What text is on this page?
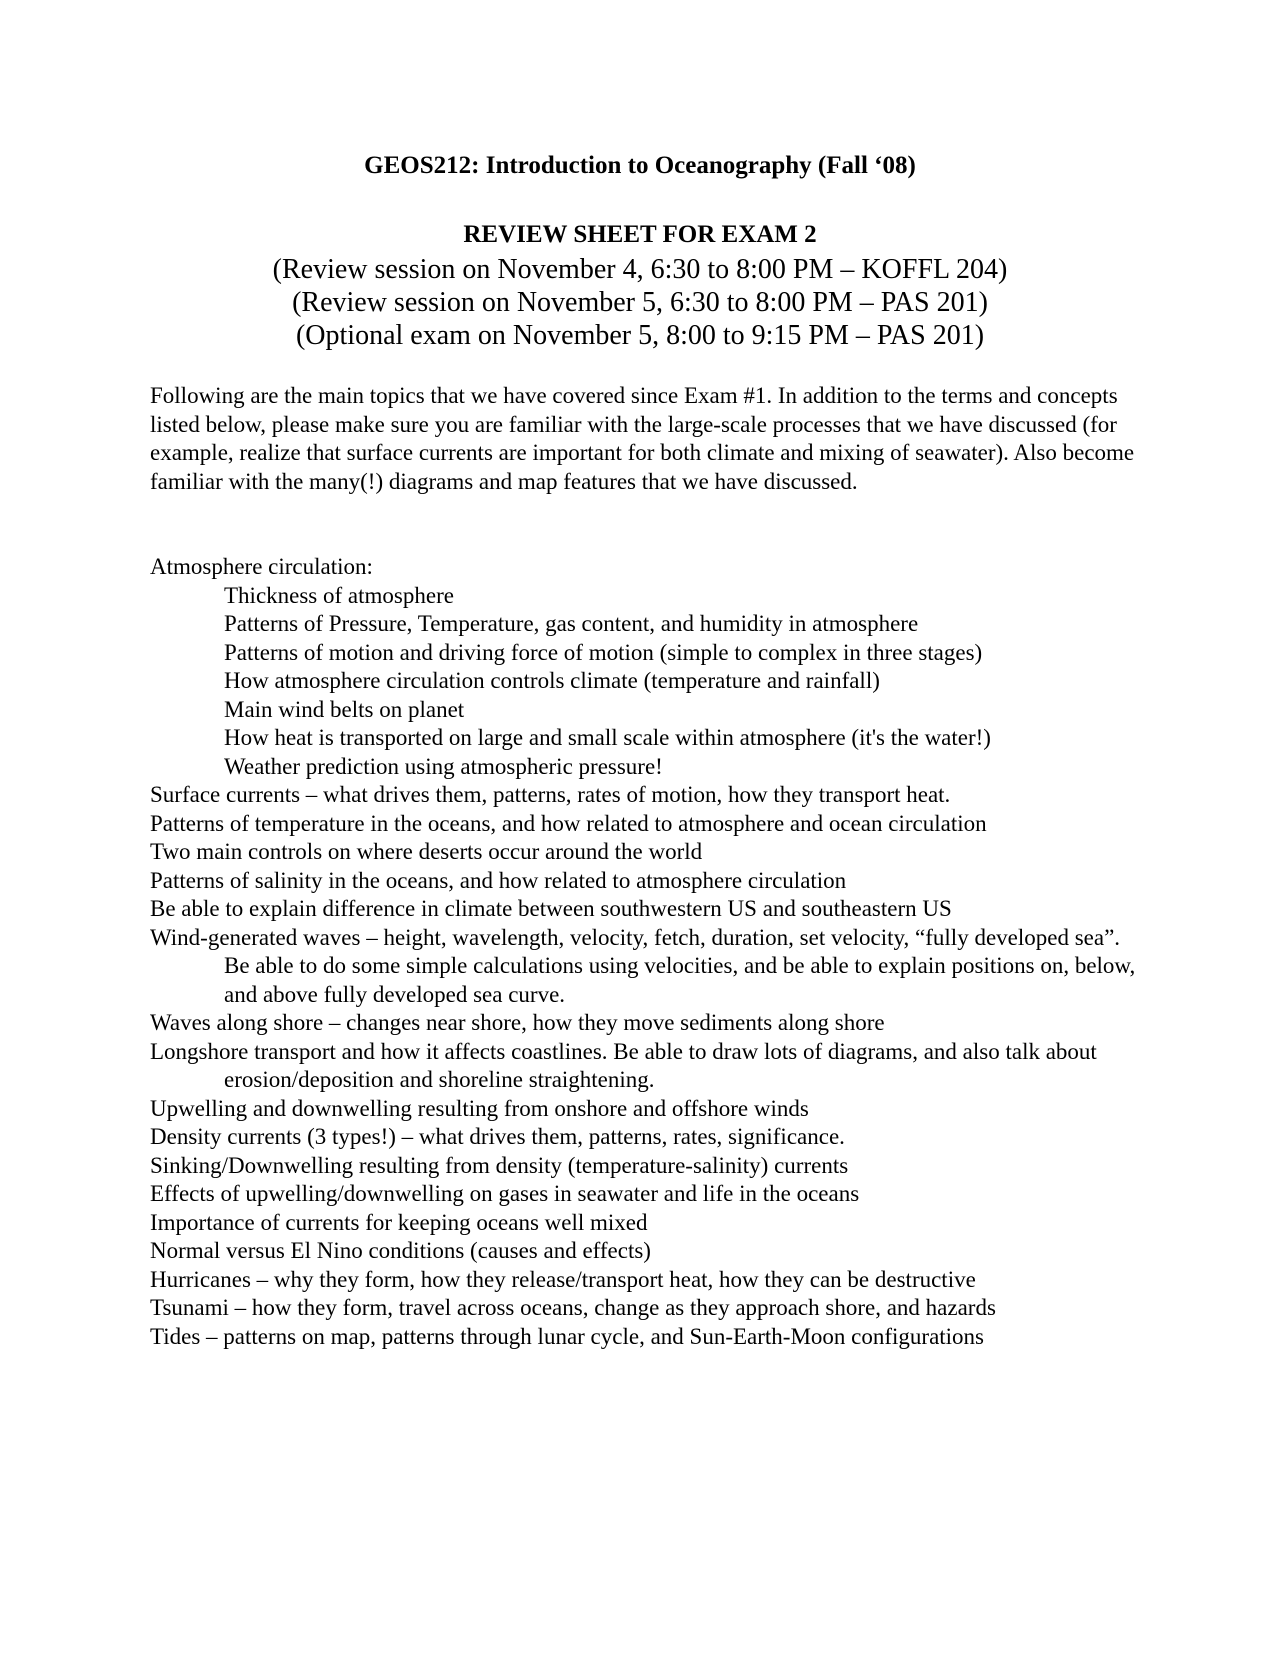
GEOS212: Introduction to Oceanography (Fall ‘08)
REVIEW SHEET FOR EXAM 2
(Review session on November 4, 6:30 to 8:00 PM – KOFFL 204)
(Review session on November 5, 6:30 to 8:00 PM – PAS 201)
(Optional exam on November 5, 8:00 to 9:15 PM – PAS 201)

Following are the main topics that we have covered since Exam #1. In addition to the terms and concepts listed below, please make sure you are familiar with the large-scale processes that we have discussed (for example, realize that surface currents are important for both climate and mixing of seawater). Also become familiar with the many(!) diagrams and map features that we have discussed.

Atmosphere circulation:
Thickness of atmosphere
Patterns of Pressure, Temperature, gas content, and humidity in atmosphere
Patterns of motion and driving force of motion (simple to complex in three stages)
How atmosphere circulation controls climate (temperature and rainfall)
Main wind belts on planet
How heat is transported on large and small scale within atmosphere (it's the water!)
Weather prediction using atmospheric pressure!
Surface currents – what drives them, patterns, rates of motion, how they transport heat.
Patterns of temperature in the oceans, and how related to atmosphere and ocean circulation
Two main controls on where deserts occur around the world
Patterns of salinity in the oceans, and how related to atmosphere circulation
Be able to explain difference in climate between southwestern US and southeastern US
Wind-generated waves – height, wavelength, velocity, fetch, duration, set velocity, “fully developed sea”. Be able to do some simple calculations using velocities, and be able to explain positions on, below, and above fully developed sea curve.
Waves along shore – changes near shore, how they move sediments along shore
Longshore transport and how it affects coastlines. Be able to draw lots of diagrams, and also talk about erosion/deposition and shoreline straightening.
Upwelling and downwelling resulting from onshore and offshore winds
Density currents (3 types!) – what drives them, patterns, rates, significance.
Sinking/Downwelling resulting from density (temperature-salinity) currents
Effects of upwelling/downwelling on gases in seawater and life in the oceans
Importance of currents for keeping oceans well mixed
Normal versus El Nino conditions (causes and effects)
Hurricanes – why they form, how they release/transport heat, how they can be destructive
Tsunami – how they form, travel across oceans, change as they approach shore, and hazards
Tides – patterns on map, patterns through lunar cycle, and Sun-Earth-Moon configurations
